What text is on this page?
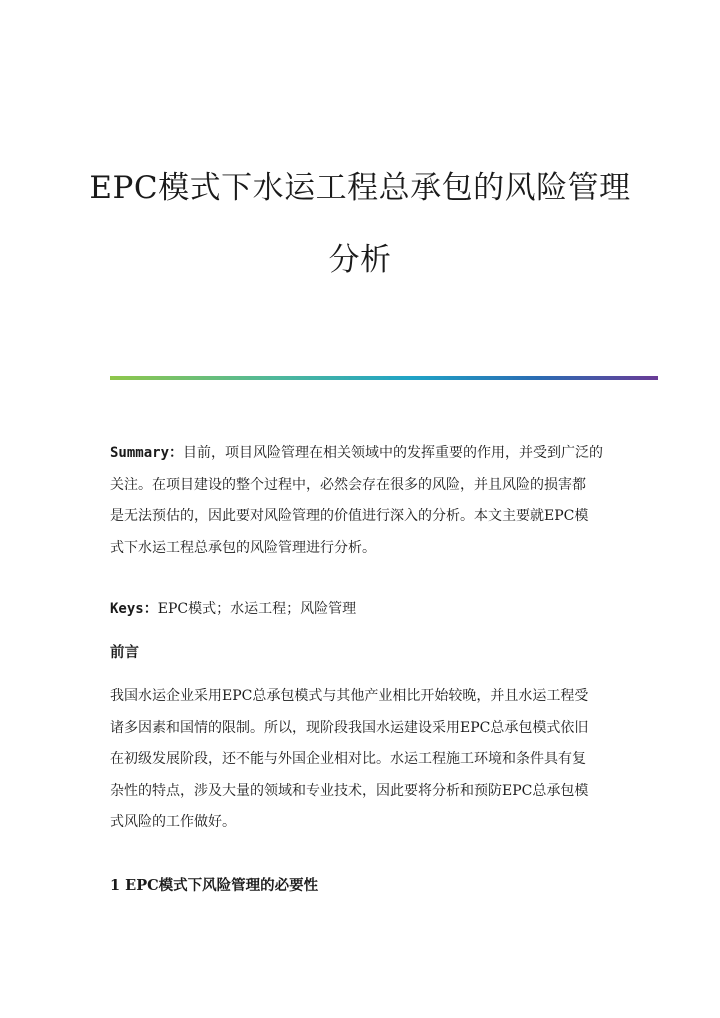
EPC模式下水运工程总承包的风险管理
分析
Summary：目前，项目风险管理在相关领域中的发挥重要的作用，并受到广泛的
关注。在项目建设的整个过程中，必然会存在很多的风险，并且风险的损害都
是无法预估的，因此要对风险管理的价值进行深入的分析。本文主要就EPC模
式下水运工程总承包的风险管理进行分析。
Keys：EPC模式；水运工程；风险管理
前言
我国水运企业采用EPC总承包模式与其他产业相比开始较晚，并且水运工程受
诸多因素和国情的限制。所以，现阶段我国水运建设采用EPC总承包模式依旧
在初级发展阶段，还不能与外国企业相对比。水运工程施工环境和条件具有复
杂性的特点，涉及大量的领域和专业技术，因此要将分析和预防EPC总承包模
式风险的工作做好。
1 EPC模式下风险管理的必要性
